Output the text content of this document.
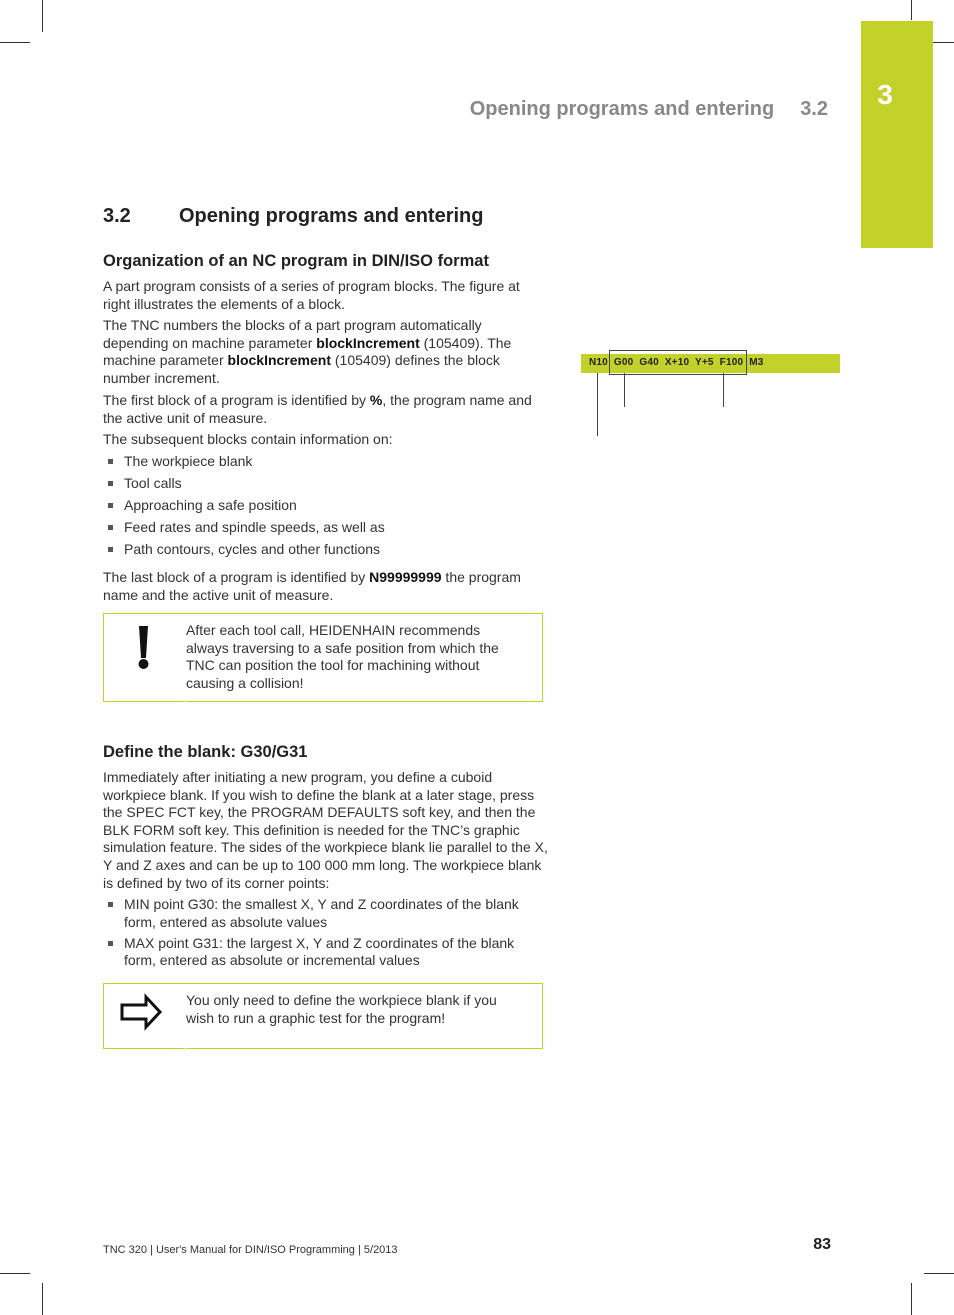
3
Opening programs and entering 3.2
3.2 Opening programs and entering
Organization of an NC program in DIN/ISO format
A part program consists of a series of program blocks. The figure at right illustrates the elements of a block.
The TNC numbers the blocks of a part program automatically depending on machine parameter blockIncrement (105409). The machine parameter blockIncrement (105409) defines the block number increment.
The first block of a program is identified by %, the program name and the active unit of measure.
The subsequent blocks contain information on:
The workpiece blank
Tool calls
Approaching a safe position
Feed rates and spindle speeds, as well as
Path contours, cycles and other functions
The last block of a program is identified by N99999999 the program name and the active unit of measure.
After each tool call, HEIDENHAIN recommends always traversing to a safe position from which the TNC can position the tool for machining without causing a collision!
Define the blank: G30/G31
Immediately after initiating a new program, you define a cuboid workpiece blank. If you wish to define the blank at a later stage, press the SPEC FCT key, the PROGRAM DEFAULTS soft key, and then the BLK FORM soft key. This definition is needed for the TNC’s graphic simulation feature. The sides of the workpiece blank lie parallel to the X, Y and Z axes and can be up to 100 000 mm long. The workpiece blank is defined by two of its corner points:
MIN point G30: the smallest X, Y and Z coordinates of the blank form, entered as absolute values
MAX point G31: the largest X, Y and Z coordinates of the blank form, entered as absolute or incremental values
You only need to define the workpiece blank if you wish to run a graphic test for the program!
N10  G00  G40  X+10  Y+5  F100  M3
TNC 320 | User's Manual for DIN/ISO Programming | 5/2013	83
